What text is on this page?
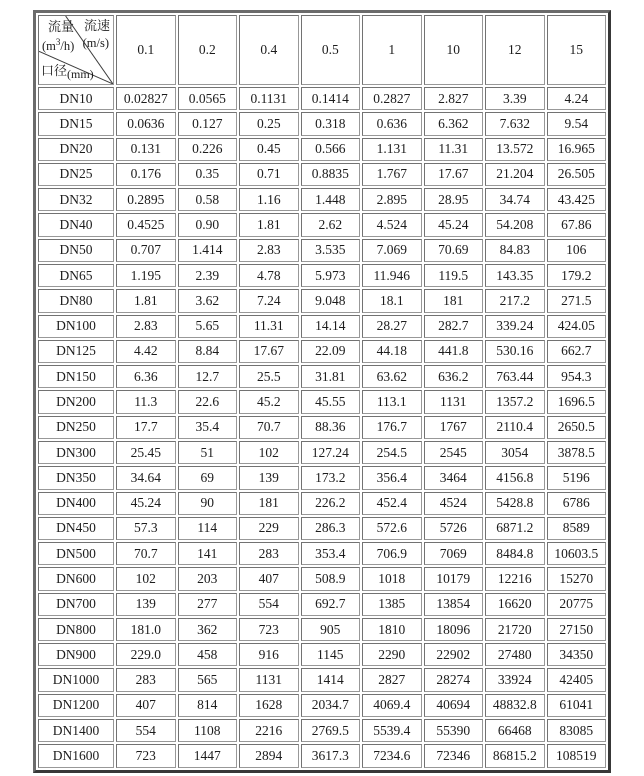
流量
$(m^3/h)$
流速
(m/s)
口径(mm)	0.1	0.2	0.4	0.5	1	10	12	15
DN10	0.02827	0.0565	0.1131	0.1414	0.2827	2.827	3.39	4.24
DN15	0.0636	0.127	0.25	0.318	0.636	6.362	7.632	9.54
DN20	0.131	0.226	0.45	0.566	1.131	11.31	13.572	16.965
DN25	0.176	0.35	0.71	0.8835	1.767	17.67	21.204	26.505
DN32	0.2895	0.58	1.16	1.448	2.895	28.95	34.74	43.425
DN40	0.4525	0.90	1.81	2.62	4.524	45.24	54.208	67.86
DN50	0.707	1.414	2.83	3.535	7.069	70.69	84.83	106
DN65	1.195	2.39	4.78	5.973	11.946	119.5	143.35	179.2
DN80	1.81	3.62	7.24	9.048	18.1	181	217.2	271.5
DN100	2.83	5.65	11.31	14.14	28.27	282.7	339.24	424.05
DN125	4.42	8.84	17.67	22.09	44.18	441.8	530.16	662.7
DN150	6.36	12.7	25.5	31.81	63.62	636.2	763.44	954.3
DN200	11.3	22.6	45.2	45.55	113.1	1131	1357.2	1696.5
DN250	17.7	35.4	70.7	88.36	176.7	1767	2110.4	2650.5
DN300	25.45	51	102	127.24	254.5	2545	3054	3878.5
DN350	34.64	69	139	173.2	356.4	3464	4156.8	5196
DN400	45.24	90	181	226.2	452.4	4524	5428.8	6786
DN450	57.3	114	229	286.3	572.6	5726	6871.2	8589
DN500	70.7	141	283	353.4	706.9	7069	8484.8	10603.5
DN600	102	203	407	508.9	1018	10179	12216	15270
DN700	139	277	554	692.7	1385	13854	16620	20775
DN800	181.0	362	723	905	1810	18096	21720	27150
DN900	229.0	458	916	1145	2290	22902	27480	34350
DN1000	283	565	1131	1414	2827	28274	33924	42405
DN1200	407	814	1628	2034.7	4069.4	40694	48832.8	61041
DN1400	554	1108	2216	2769.5	5539.4	55390	66468	83085
DN1600	723	1447	2894	3617.3	7234.6	72346	86815.2	108519
